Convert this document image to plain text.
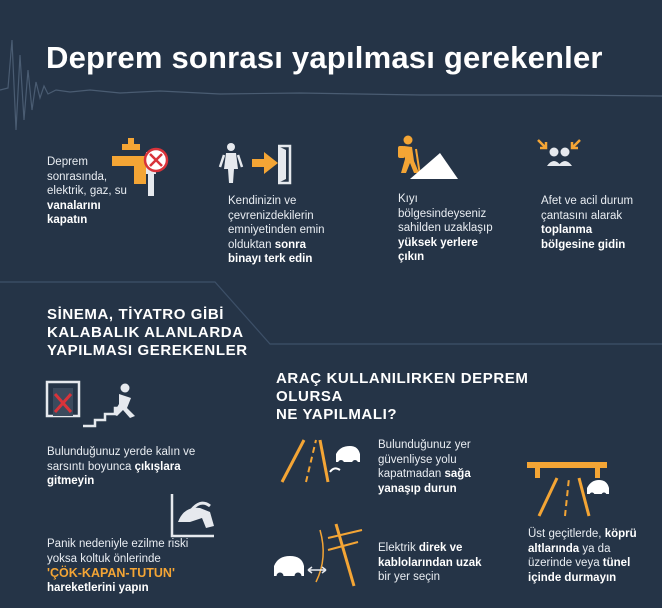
Deprem sonrası yapılması gerekenler
Deprem
sonrasında,
elektrik, gaz, su
vanalarını
kapatın
Kendinizin ve
çevrenizdekilerin
emniyetinden emin
olduktan sonra
binayı terk edin
Kıyı
bölgesindeyseniz
sahilden uzaklaşıp
yüksek yerlere
çıkın
Afet ve acil durum
çantasını alarak
toplanma
bölgesine gidin
SİNEMA, TİYATRO GİBİ
KALABALIK ALANLARDA
YAPILMASI GEREKENLER
Bulunduğunuz yerde kalın ve
sarsıntı boyunca çıkışlara
gitmeyin
Panik nedeniyle ezilme riski
yoksa koltuk önlerinde
'ÇÖK-KAPAN-TUTUN'
hareketlerini yapın
ARAÇ KULLANILIRKEN DEPREM OLURSA
NE YAPILMALI?
Bulunduğunuz yer
güvenliyse yolu
kapatmadan sağa
yanaşıp durun
Elektrik direk ve
kablolarından uzak
bir yer seçin
Üst geçitlerde, köprü
altlarında ya da
üzerinde veya tünel
içinde durmayın
